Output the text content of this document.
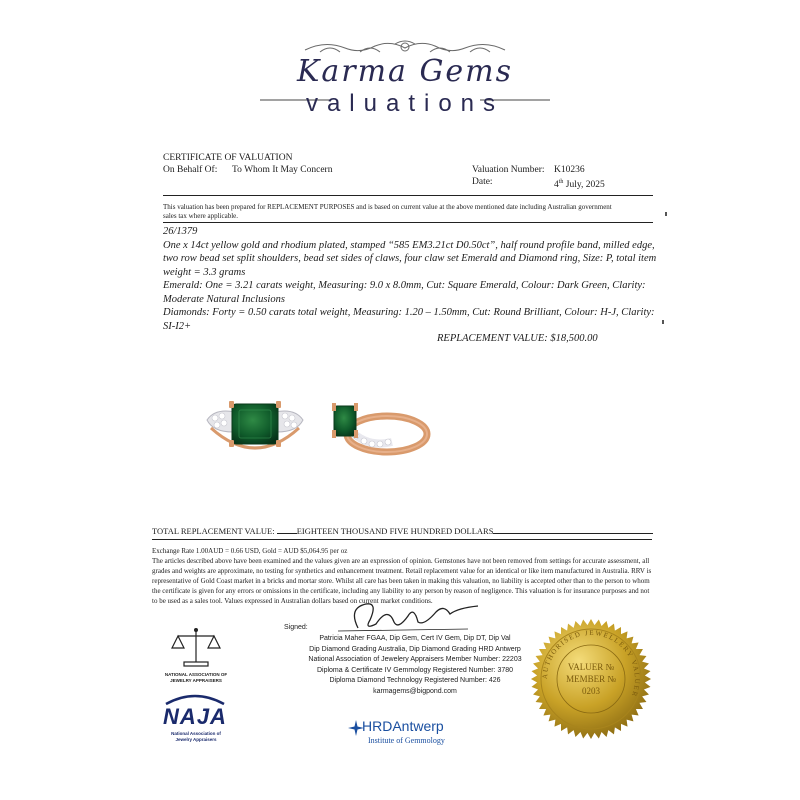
Karma Gems
valuations
CERTIFICATE OF VALUATION
On Behalf Of: To Whom It May Concern	Valuation Number: K10236
Date:	4th July, 2025
This valuation has been prepared for REPLACEMENT PURPOSES and is based on current value at the above mentioned date including Australian government
sales tax where applicable.

26/1379

One x 14ct yellow gold and rhodium plated, stamped “585 EM3.21ct D0.50ct”, half round profile band, milled edge, two row bead set split shoulders, bead set sides of claws, four claw set Emerald and Diamond ring, Size: P, total item weight = 3.3 grams

Emerald: One = 3.21 carats weight, Measuring: 9.0 x 8.0mm, Cut: Square Emerald, Colour: Dark Green, Clarity: Moderate Natural Inclusions

Diamonds: Forty = 0.50 carats total weight, Measuring: 1.20 – 1.50mm, Cut: Round Brilliant, Colour: H-J, Clarity: SI-I2+

REPLACEMENT VALUE: $18,500.00
TOTAL REPLACEMENT VALUE:	EIGHTEEN THOUSAND FIVE HUNDRED DOLLARS

Exchange Rate 1.00AUD = 0.66 USD, Gold = AUD $5,064.95 per oz

The articles described above have been examined and the values given are an expression of opinion. Gemstones have not been removed from settings for accurate assessment, all grades and weights are approximate, no testing for synthetics and enhancement treatment. Retail replacement value for an identical or like item manufactured in Australia. RRV is representative of Gold Coast market in a bricks and mortar store. Whilst all care has been taken in making this valuation, no liability is accepted other than to the person to whom the certificate is given for any errors or omissions in the certificate, including any liability to any person by reason of negligence. This valuation is for insurance purposes and not to be used as a sales tool. Values expressed in Australian dollars based on current market conditions.

Signed:
Patricia Maher FGAA, Dip Gem, Cert IV Gem, Dip DT, Dip Val
Dip Diamond Grading Australia, Dip Diamond Grading HRD Antwerp
National Association of Jewelery Appraisers Member Number: 22203
Diploma & Certificate IV Gemmology Registered Number: 3780
Diploma Diamond Technology Registered Number: 426
karmagems@bigpond.com
NATIONAL ASSOCIATION OF JEWELRY APPRAISERS
NAJA
National Association of Jewelry Appraisers
HRDAntwerp
Institute of Gemmology
AUTHORISED JEWELLERY VALUER
VALUER №
MEMBER №
0203
